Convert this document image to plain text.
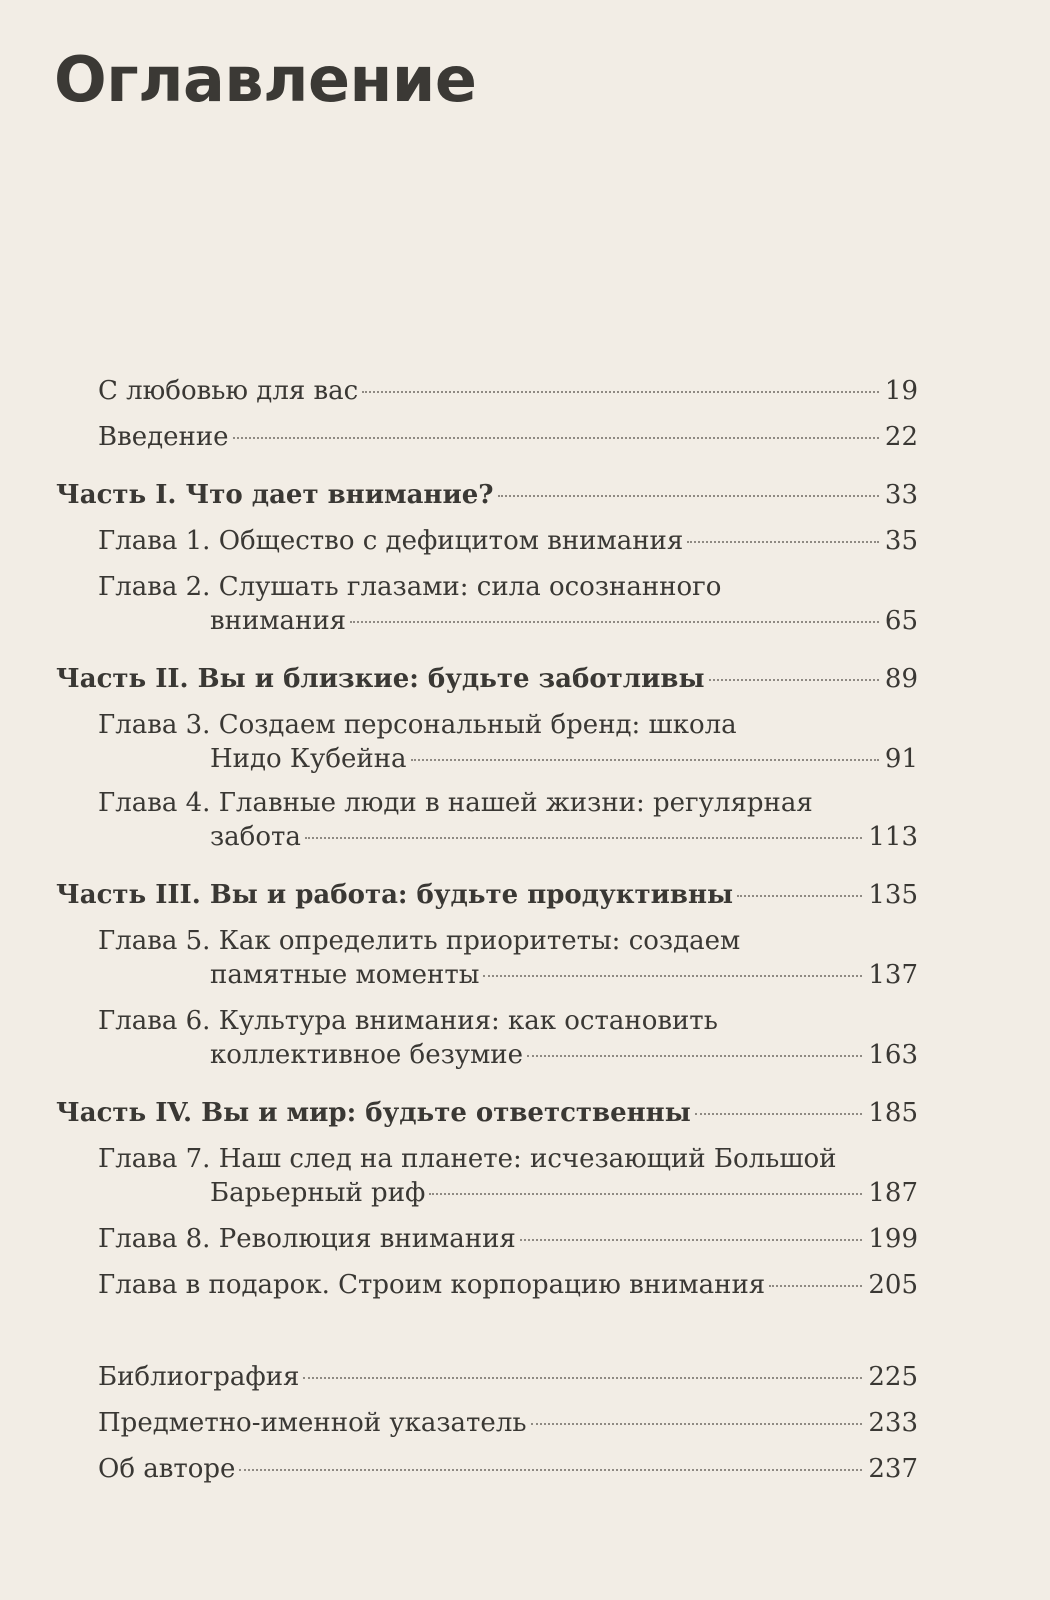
Оглавление
С любовью для вас	19
Введение	22
Часть I. Что дает внимание?	33
Глава 1. Общество с дефицитом внимания	35
Глава 2. Слушать глазами: сила осознанного
внимания	65
Часть II. Вы и близкие: будьте заботливы	89
Глава 3. Создаем персональный бренд: школа
Нидо Кубейна	91
Глава 4. Главные люди в нашей жизни: регулярная
забота	113
Часть III. Вы и работа: будьте продуктивны	135
Глава 5. Как определить приоритеты: создаем
памятные моменты	137
Глава 6. Культура внимания: как остановить
коллективное безумие	163
Часть IV. Вы и мир: будьте ответственны	185
Глава 7. Наш след на планете: исчезающий Большой
Барьерный риф	187
Глава 8. Революция внимания	199
Глава в подарок. Строим корпорацию внимания	205
Библиография	225
Предметно-именной указатель	233
Об авторе	237
